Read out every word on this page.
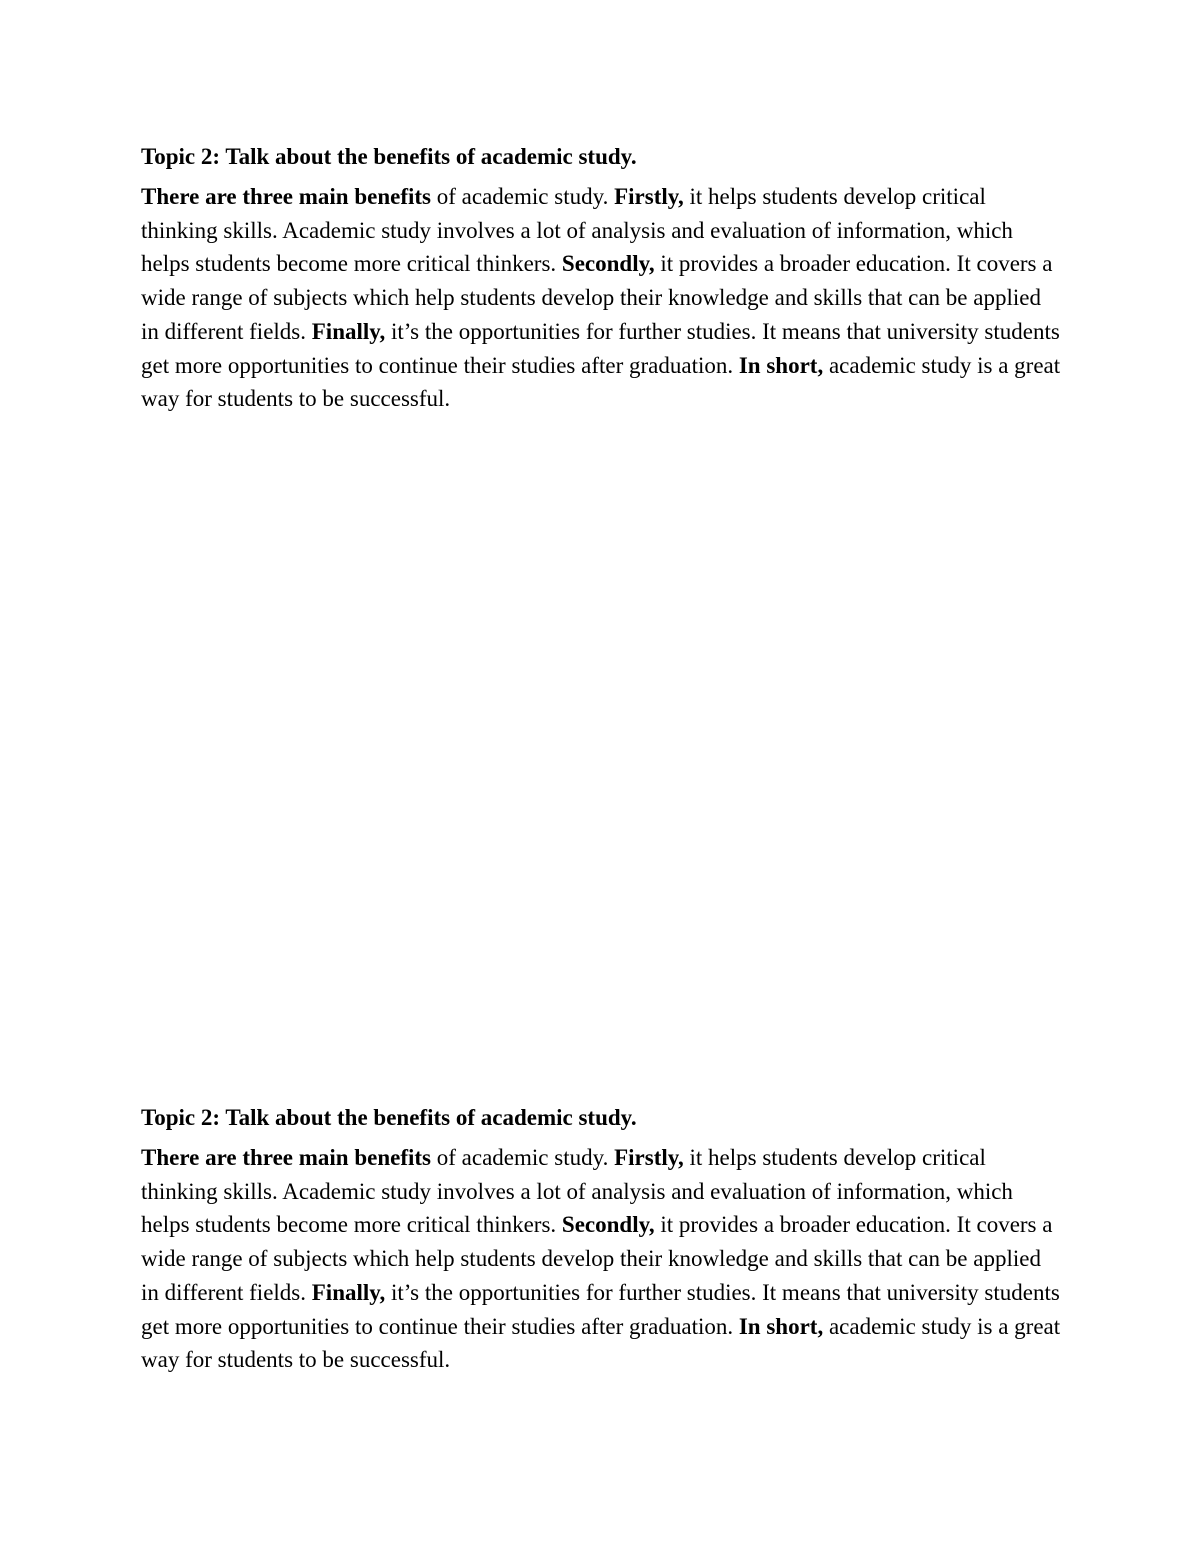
Topic 2: Talk about the benefits of academic study.

There are three main benefits of academic study. Firstly, it helps students develop critical thinking skills. Academic study involves a lot of analysis and evaluation of information, which helps students become more critical thinkers. Secondly, it provides a broader education. It covers a wide range of subjects which help students develop their knowledge and skills that can be applied in different fields. Finally, it’s the opportunities for further studies. It means that university students get more opportunities to continue their studies after graduation. In short, academic study is a great way for students to be successful.

Topic 2: Talk about the benefits of academic study.

There are three main benefits of academic study. Firstly, it helps students develop critical thinking skills. Academic study involves a lot of analysis and evaluation of information, which helps students become more critical thinkers. Secondly, it provides a broader education. It covers a wide range of subjects which help students develop their knowledge and skills that can be applied in different fields. Finally, it’s the opportunities for further studies. It means that university students get more opportunities to continue their studies after graduation. In short, academic study is a great way for students to be successful.
